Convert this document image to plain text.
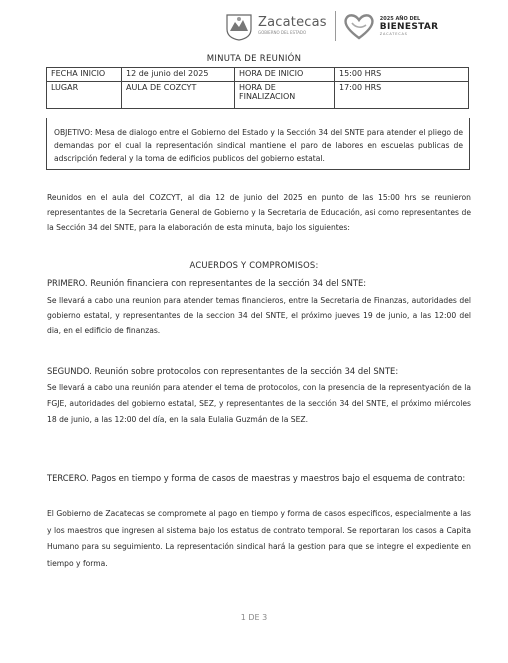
Zacatecas
GOBIERNO DEL ESTADO
2025 AÑO DEL
BIENESTAR
ZACATECAS
MINUTA DE REUNIÓN
FECHA INICIO	12 de junio del 2025	HORA DE INICIO	15:00 HRS
LUGAR	AULA DE COZCYT	HORA DE FINALIZACION	17:00 HRS
OBJETIVO: Mesa de dialogo entre el Gobierno del Estado y la Sección 34 del SNTE para atender el pliego de demandas por el cual la representación sindical mantiene el paro de labores en escuelas publicas de adscripción federal y la toma de edificios publicos del gobierno estatal.
Reunidos en el aula del COZCYT, al dia 12 de junio del 2025 en punto de las 15:00 hrs se reunieron representantes de la Secretaria General de Gobierno y la Secretaria de Educación, asi como representantes de la Sección 34 del SNTE, para la elaboración de esta minuta, bajo los siguientes:
ACUERDOS Y COMPROMISOS:
PRIMERO. Reunión financiera con representantes de la sección 34 del SNTE:
Se llevará a cabo una reunion para atender temas financieros, entre la Secretaria de Finanzas, autoridades del gobierno estatal, y representantes de la seccion 34 del SNTE, el próximo jueves 19 de junio, a las 12:00 del dia, en el edificio de finanzas.
SEGUNDO. Reunión sobre protocolos con representantes de la sección 34 del SNTE:
Se llevará a cabo una reunión para atender el tema de protocolos, con la presencia de la representyación de la FGJE, autoridades del gobierno estatal, SEZ, y representantes de la sección 34 del SNTE, el próximo miércoles 18 de junio, a las 12:00 del día, en la sala Eulalia Guzmán de la SEZ.
TERCERO. Pagos en tiempo y forma de casos de maestras y maestros bajo el esquema de contrato:
El Gobierno de Zacatecas se compromete al pago en tiempo y forma de casos especificos, especialmente a las y los maestros que ingresen al sistema bajo los estatus de contrato temporal. Se reportaran los casos a Capita Humano para su seguimiento. La representación sindical hará la gestion para que se integre el expediente en tiempo y forma.
1 DE 3
